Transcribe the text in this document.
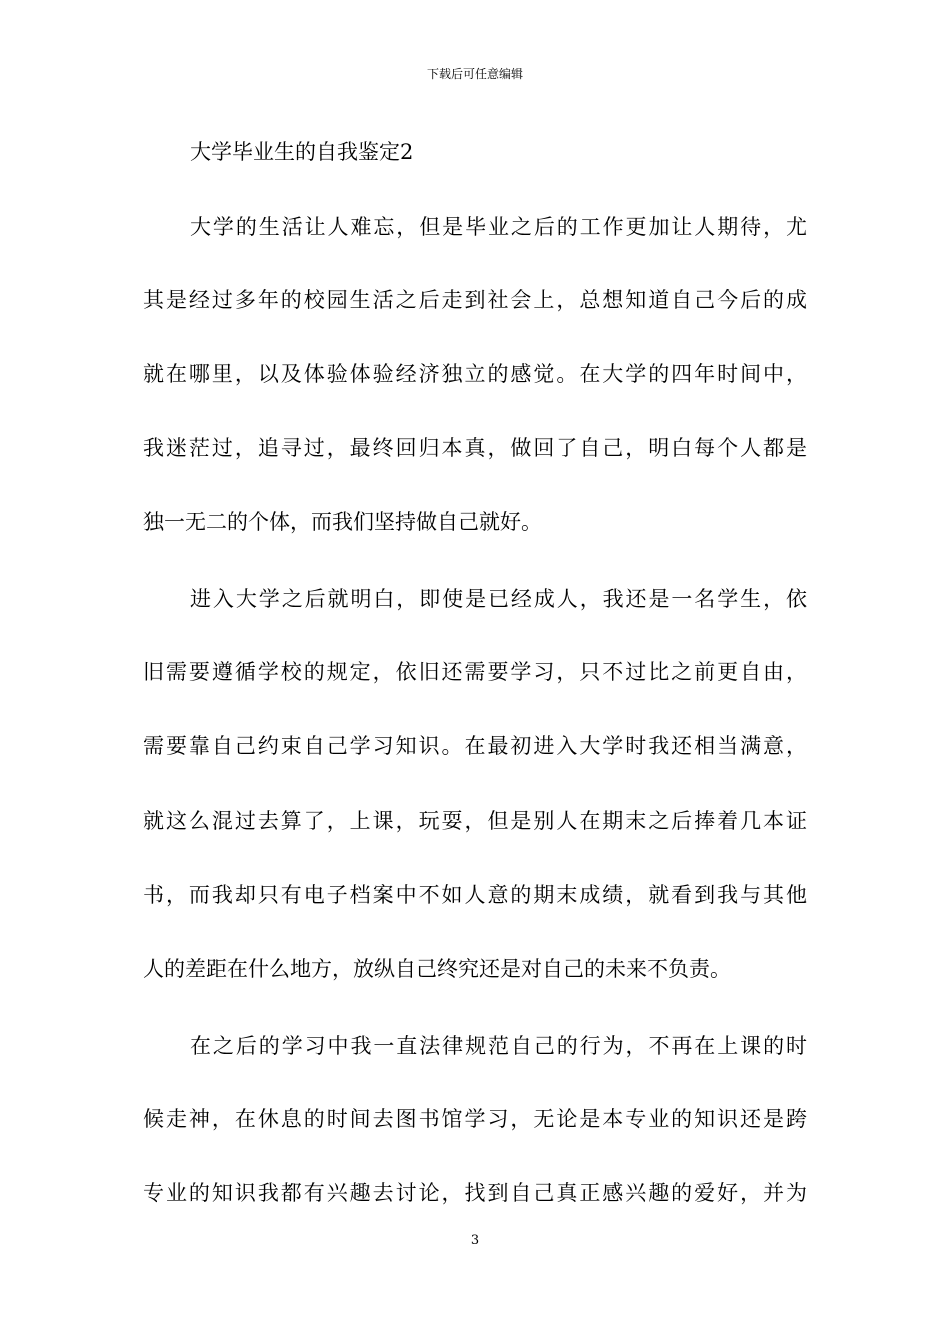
下载后可任意编辑
大学毕业生的自我鉴定2
大学的生活让人难忘，但是毕业之后的工作更加让人期待，尤
其是经过多年的校园生活之后走到社会上，总想知道自己今后的成
就在哪里，以及体验体验经济独立的感觉。在大学的四年时间中，
我迷茫过，追寻过，最终回归本真，做回了自己，明白每个人都是
独一无二的个体，而我们坚持做自己就好。
进入大学之后就明白，即使是已经成人，我还是一名学生，依
旧需要遵循学校的规定，依旧还需要学习，只不过比之前更自由，
需要靠自己约束自己学习知识。在最初进入大学时我还相当满意，
就这么混过去算了，上课，玩耍，但是别人在期末之后捧着几本证
书，而我却只有电子档案中不如人意的期末成绩，就看到我与其他
人的差距在什么地方，放纵自己终究还是对自己的未来不负责。
在之后的学习中我一直法律规范自己的行为，不再在上课的时
候走神，在休息的时间去图书馆学习，无论是本专业的知识还是跨
专业的知识我都有兴趣去讨论，找到自己真正感兴趣的爱好，并为
3
